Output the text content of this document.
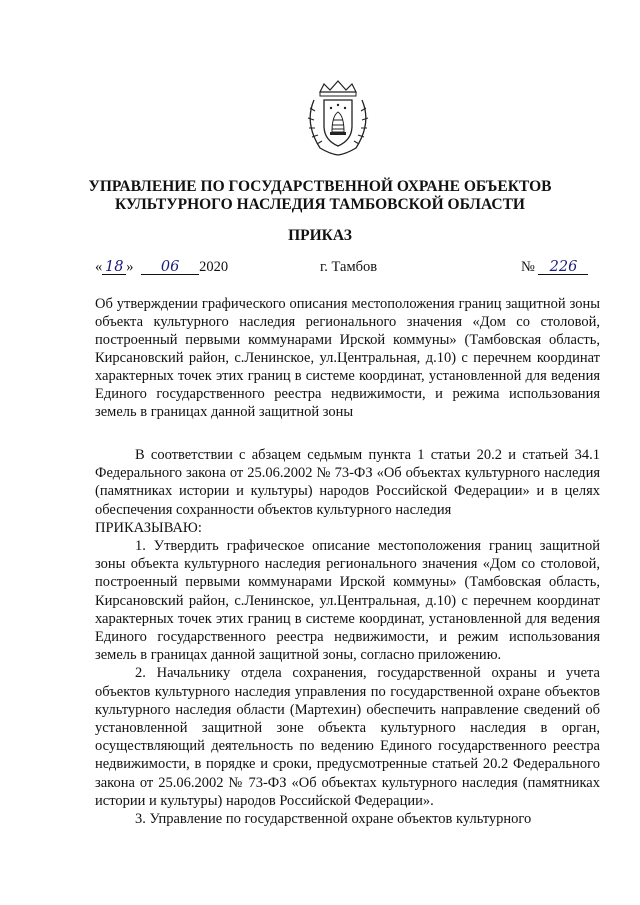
УПРАВЛЕНИЕ ПО ГОСУДАРСТВЕННОЙ ОХРАНЕ ОБЪЕКТОВ
КУЛЬТУРНОГО НАСЛЕДИЯ ТАМБОВСКОЙ ОБЛАСТИ
ПРИКАЗ
« 18 » 06 2020	г. Тамбов	№ 226
Об утверждении графического описания местоположения границ защитной зоны объекта культурного наследия регионального значения «Дом со столовой, построенный первыми коммунарами Ирской коммуны» (Тамбовская область, Кирсановский район, с.Ленинское, ул.Центральная, д.10) с перечнем координат характерных точек этих границ в системе координат, установленной для ведения Единого государственного реестра недвижимости, и режима использования земель в границах данной защитной зоны

В соответствии с абзацем седьмым пункта 1 статьи 20.2 и статьей 34.1 Федерального закона от 25.06.2002 № 73-ФЗ «Об объектах культурного наследия (памятниках истории и культуры) народов Российской Федерации» и в целях обеспечения сохранности объектов культурного наследия

ПРИКАЗЫВАЮ:

1. Утвердить графическое описание местоположения границ защитной зоны объекта культурного наследия регионального значения «Дом со столовой, построенный первыми коммунарами Ирской коммуны» (Тамбовская область, Кирсановский район, с.Ленинское, ул.Центральная, д.10) с перечнем координат характерных точек этих границ в системе координат, установленной для ведения Единого государственного реестра недвижимости, и режим использования земель в границах данной защитной зоны, согласно приложению.

2. Начальнику отдела сохранения, государственной охраны и учета объектов культурного наследия управления по государственной охране объектов культурного наследия области (Мартехин) обеспечить направление сведений об установленной защитной зоне объекта культурного наследия в орган, осуществляющий деятельность по ведению Единого государственного реестра недвижимости, в порядке и сроки, предусмотренные статьей 20.2 Федерального закона от 25.06.2002 № 73-ФЗ «Об объектах культурного наследия (памятниках истории и культуры) народов Российской Федерации».

3. Управление по государственной охране объектов культурного
